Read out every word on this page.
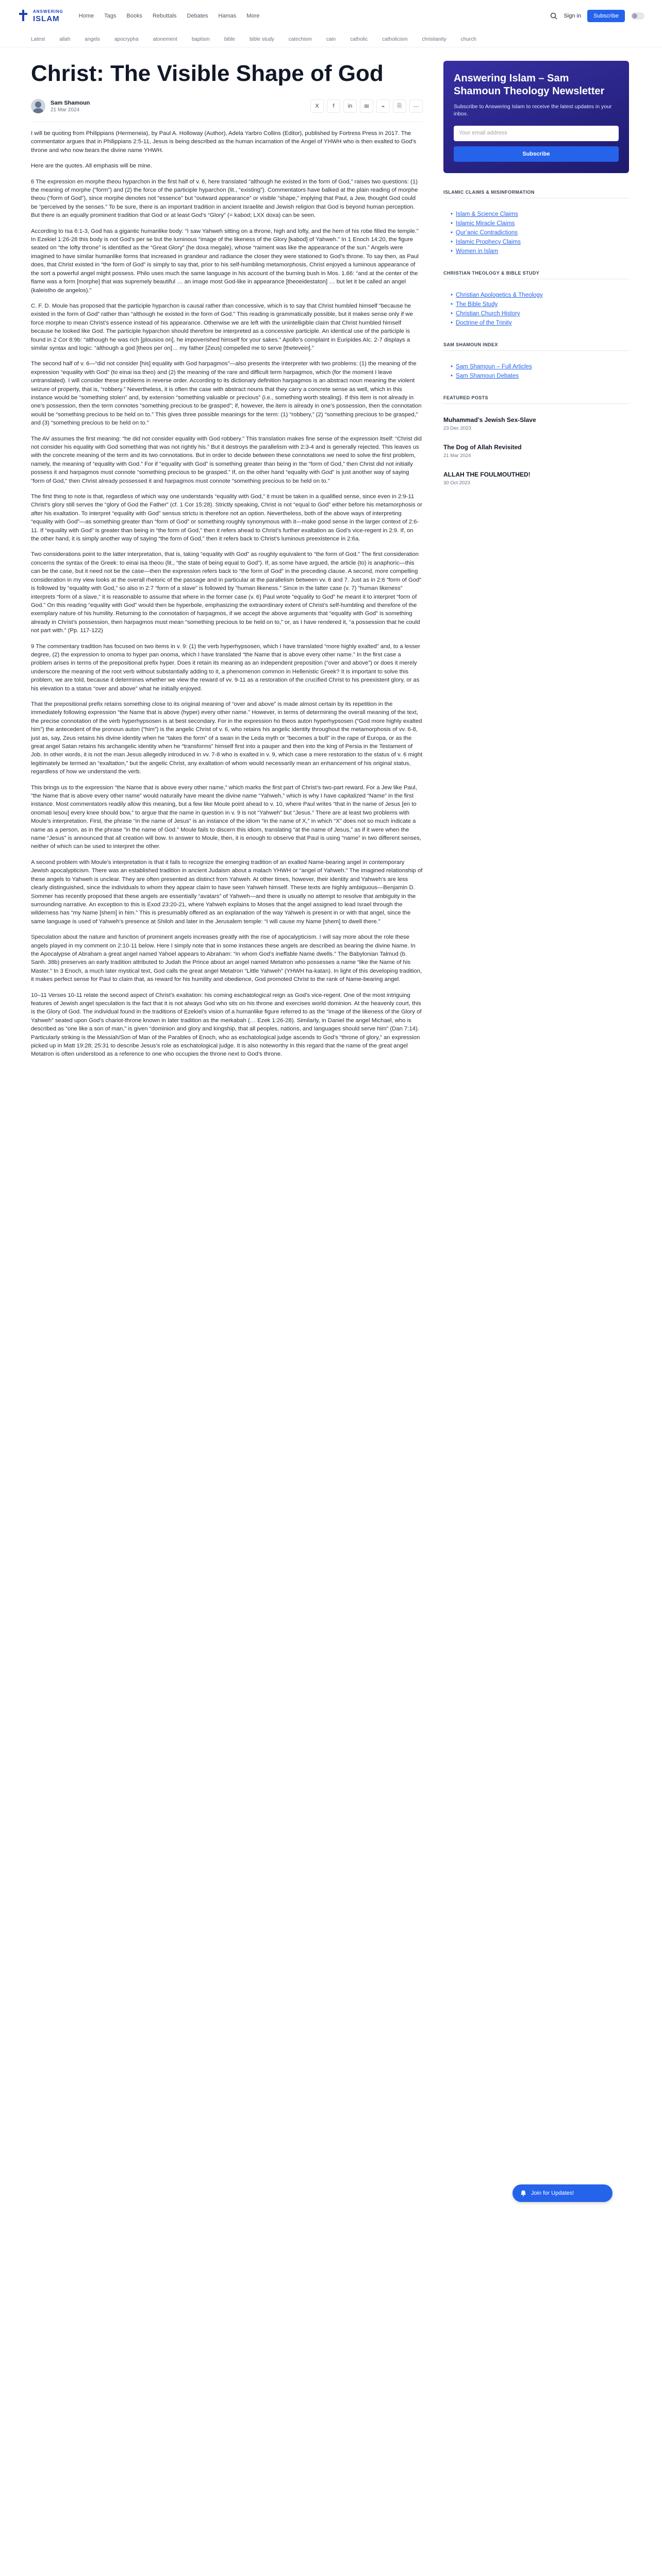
ANSWERING
ISLAM	Home Tags Books Rebuttals Debates Hamas More	Sign in	Subscribe
Latest	allah	angels	apocrypha	atonement	baptism	bible	bible study	catechism	cain	catholic	catholicism	christianity	church
Christ: The Visible Shape of God
Sam Shamoun
21 Mar 2024
X	f	in	✉	⌁	⎘	⋯

I will be quoting from Philippians (Hermeneia), by Paul A. Holloway (Author), Adela Yarbro Collins (Editor), published by Fortress Press in 2017. The commentator argues that in Philippians 2:5-11, Jesus is being described as the human incarnation of the Angel of YHWH who is then exalted to God’s throne and who now bears the divine name YHWH.

Here are the quotes. All emphasis will be mine.

6 The expression en morphe theou hyparchon in the first half of v. 6, here translated “although he existed in the form of God,” raises two questions: (1) the meaning of morphe (“form”) and (2) the force of the participle hyparchon (lit., “existing”). Commentators have balked at the plain reading of morphe theou (“form of God”), since morphe denotes not “essence” but “outward appearance” or visible “shape,” implying that Paul, a Jew, thought God could be “perceived by the senses.” To be sure, there is an important tradition in ancient Israelite and Jewish religion that God is beyond human perception. But there is an equally prominent tradition that God or at least God’s “Glory” (= kabod; LXX doxa) can be seen.

According to Isa 6:1-3, God has a gigantic humanlike body: “I saw Yahweh sitting on a throne, high and lofty, and the hem of his robe filled the temple.” In Ezekiel 1:26-28 this body is not God’s per se but the luminous “image of the likeness of the Glory [kabod] of Yahweh.” In 1 Enoch 14:20, the figure seated on “the lofty throne” is identified as the “Great Glory” (he doxa megale), whose “raiment was like the appearance of the sun.” Angels were imagined to have similar humanlike forms that increased in grandeur and radiance the closer they were stationed to God’s throne. To say then, as Paul does, that Christ existed in “the form of God” is simply to say that, prior to his self-humbling metamorphosis, Christ enjoyed a luminous appearance of the sort a powerful angel might possess. Philo uses much the same language in his account of the burning bush in Mos. 1.66: “and at the center of the flame was a form [morphe] that was supremely beautiful … an image most God-like in appearance [theoeidestaton] … but let it be called an angel (kaleistho de angelos).”

C. F. D. Moule has proposed that the participle hyparchon is causal rather than concessive, which is to say that Christ humbled himself “because he existed in the form of God” rather than “although he existed in the form of God.” This reading is grammatically possible, but it makes sense only if we force morphe to mean Christ’s essence instead of his appearance. Otherwise we are left with the unintelligible claim that Christ humbled himself because he looked like God. The participle hyparchon should therefore be interpreted as a concessive participle. An identical use of the participle is found in 2 Cor 8:9b: “although he was rich [plousios on], he impoverished himself for your sakes.” Apollo’s complaint in Euripides Alc. 2-7 displays a similar syntax and logic: “although a god [theos per on]… my father [Zeus] compelled me to serve [thetevein].”

The second half of v. 6—“did not consider [his] equality with God harpagmos”—also presents the interpreter with two problems: (1) the meaning of the expression “equality with God” (to einai isa theo) and (2) the meaning of the rare and difficult term harpagmos, which (for the moment I leave untranslated). I will consider these problems in reverse order. According to its dictionary definition harpagmos is an abstract noun meaning the violent seizure of property, that is, “robbery.” Nevertheless, it is often the case with abstract nouns that they carry a concrete sense as well, which in this instance would be “something stolen” and, by extension “something valuable or precious” (i.e., something worth stealing). If this item is not already in one’s possession, then the term connotes “something precious to be grasped”; if, however, the item is already in one’s possession, then the connotation would be “something precious to be held on to.” This gives three possible meanings for the term: (1) “robbery,” (2) “something precious to be grasped,” and (3) “something precious to be held on to.”

The AV assumes the first meaning: “he did not consider equality with God robbery.” This translation makes fine sense of the expression itself: “Christ did not consider his equality with God something that was not rightly his.” But it destroys the parallelism with 2:3-4 and is generally rejected. This leaves us with the concrete meaning of the term and its two connotations. But in order to decide between these connotations we need to solve the first problem, namely, the meaning of “equality with God.” For if “equality with God” is something greater than being in the “form of God,” then Christ did not initially possess it and harpagmos must connote “something precious to be grasped.” If, on the other hand “equality with God” is just another way of saying “form of God,” then Christ already possessed it and harpagmos must connote “something precious to be held on to.”

The first thing to note is that, regardless of which way one understands “equality with God,” it must be taken in a qualified sense, since even in 2:9-11 Christ’s glory still serves the “glory of God the Father” (cf. 1 Cor 15:28). Strictly speaking, Christ is not “equal to God” either before his metamorphosis or after his exaltation. To interpret “equality with God” sensus strictu is therefore not an option. Nevertheless, both of the above ways of interpreting “equality with God”—as something greater than “form of God” or something roughly synonymous with it—make good sense in the larger context of 2:6-11. If “equality with God” is greater than being in “the form of God,” then it refers ahead to Christ’s further exaltation as God’s vice-regent in 2:9. If, on the other hand, it is simply another way of saying “the form of God,” then it refers back to Christ’s luminous preexistence in 2:6a.

Two considerations point to the latter interpretation, that is, taking “equality with God” as roughly equivalent to “the form of God.” The first consideration concerns the syntax of the Greek: to einai isa theou (lit., “the state of being equal to God”). If, as some have argued, the article (to) is anaphoric—this can be the case, but it need not be the case—then the expression refers back to “the form of God” in the preceding clause. A second, more compelling consideration in my view looks at the overall rhetoric of the passage and in particular at the parallelism between vv. 6 and 7. Just as in 2:6 “form of God” is followed by “equality with God,” so also in 2:7 “form of a slave” is followed by “human likeness.” Since in the latter case (v. 7) “human likeness” interprets “form of a slave,” it is reasonable to assume that where in the former case (v. 6) Paul wrote “equality to God” he meant it to interpret “form of God.” On this reading “equality with God” would then be hyperbole, emphasizing the extraordinary extent of Christ’s self-humbling and therefore of the exemplary nature of his humility. Returning to the connotation of harpagmos, if we accept the above arguments that “equality with God” is something already in Christ’s possession, then harpagmos must mean “something precious to be held on to,” or, as I have rendered it, “a possession that he could not part with.” (Pp. 117-122)

9 The commentary tradition has focused on two items in v. 9: (1) the verb hyperhypsosen, which I have translated “more highly exalted” and, to a lesser degree, (2) the expression to onoma to hyper pan onoma, which I have translated “the Name that is above every other name.” In the first case a problem arises in terms of the prepositional prefix hyper. Does it retain its meaning as an independent preposition (“over and above”) or does it merely underscore the meaning of the root verb without substantially adding to it, a phenomenon common in Hellenistic Greek? It is important to solve this problem, we are told, because it determines whether we view the reward of vv. 9-11 as a restoration of the crucified Christ to his preexistent glory, or as his elevation to a status “over and above” what he initially enjoyed.

That the prepositional prefix retains something close to its original meaning of “over and above” is made almost certain by its repetition in the immediately following expression “the Name that is above (hyper) every other name.” However, in terms of determining the overall meaning of the text, the precise connotation of the verb hyperhypsosen is at best secondary. For in the expression ho theos auton hyperhypsosen (“God more highly exalted him”) the antecedent of the pronoun auton (“him”) is the angelic Christ of v. 6, who retains his angelic identity throughout the metamorphosis of vv. 6-8, just as, say, Zeus retains his divine identity when he “takes the form” of a swan in the Leda myth or “becomes a bull” in the rape of Europa, or as the great angel Satan retains his archangelic identity when he “transforms” himself first into a pauper and then into the king of Persia in the Testament of Job. In other words, it is not the man Jesus allegedly introduced in vv. 7-8 who is exalted in v. 9, which case a mere restoration to the status of v. 6 might legitimately be termed an “exaltation,” but the angelic Christ, any exaltation of whom would necessarily mean an enhancement of his original status, regardless of how we understand the verb.

This brings us to the expression “the Name that is above every other name,” which marks the first part of Christ’s two-part reward. For a Jew like Paul, “the Name that is above every other name” would naturally have meant the divine name “Yahweh,” which is why I have capitalized “Name” in the first instance. Most commentators readily allow this meaning, but a few like Moule point ahead to v. 10, where Paul writes “that in the name of Jesus [en to onomati Iesou] every knee should bow,” to argue that the name in question in v. 9 is not “Yahweh” but “Jesus.” There are at least two problems with Moule’s interpretation. First, the phrase “in the name of Jesus” is an instance of the idiom “in the name of X,” in which “X” does not so much indicate a name as a person, as in the phrase “in the name of God.” Moule fails to discern this idiom, translating “at the name of Jesus,” as if it were when the name “Jesus” is announced that all creation will bow. In answer to Moule, then, it is enough to observe that Paul is using “name” in two different senses, neither of which can be used to interpret the other.

A second problem with Moule’s interpretation is that it fails to recognize the emerging tradition of an exalted Name-bearing angel in contemporary Jewish apocalypticism. There was an established tradition in ancient Judaism about a malach YHWH or “angel of Yahweh.” The imagined relationship of these angels to Yahweh is unclear. They are often presented as distinct from Yahweh. At other times, however, their identity and Yahweh’s are less clearly distinguished, since the individuals to whom they appear claim to have seen Yahweh himself. These texts are highly ambiguous—Benjamin D. Sommer has recently proposed that these angels are essentially “avatars” of Yahweh—and there is usually no attempt to resolve that ambiguity in the surrounding narrative. An exception to this is Exod 23:20-21, where Yahweh explains to Moses that the angel assigned to lead Israel through the wilderness has “my Name [shem] in him.” This is presumably offered as an explanation of the way Yahweh is present in or with that angel, since the same language is used of Yahweh’s presence at Shiloh and later in the Jerusalem temple: “I will cause my Name [shem] to dwell there.”

Speculation about the nature and function of prominent angels increases greatly with the rise of apocalypticism. I will say more about the role these angels played in my comment on 2:10-11 below. Here I simply note that in some instances these angels are described as bearing the divine Name. In the Apocalypse of Abraham a great angel named Yahoel appears to Abraham: “In whom God’s ineffable Name dwells.” The Babylonian Talmud (b. Sanh. 38b) preserves an early tradition attributed to Judah the Prince about an angel named Metatron who possesses a name “like the Name of his Master.” In 3 Enoch, a much later mystical text, God calls the great angel Metatron “Little Yahweh” (YHWH ha-katan). In light of this developing tradition, it makes perfect sense for Paul to claim that, as reward for his humility and obedience, God promoted Christ to the rank of Name-bearing angel.

10–11 Verses 10-11 relate the second aspect of Christ’s exaltation: his coming eschatological reign as God’s vice-regent. One of the most intriguing features of Jewish angel speculation is the fact that it is not always God who sits on his throne and exercises world dominion. At the heavenly court, this is the Glory of God. The individual found in the traditions of Ezekiel’s vision of a humanlike figure referred to as the “image of the likeness of the Glory of Yahweh” seated upon God’s chariot-throne known in later tradition as the merkabah (… Ezek 1:26-28). Similarly, in Daniel the angel Michael, who is described as “one like a son of man,” is given “dominion and glory and kingship, that all peoples, nations, and languages should serve him” (Dan 7:14). Particularly striking is the Messiah/Son of Man of the Parables of Enoch, who as eschatological judge ascends to God’s “throne of glory,” an expression picked up in Matt 19:28; 25:31 to describe Jesus’s role as eschatological judge. It is also noteworthy in this regard that the name of the great angel Metatron is often understood as a reference to one who occupies the throne next to God’s throne.

Answering Islam – Sam Shamoun Theology Newsletter
Subscribe to Answering Islam to receive the latest updates in your inbox.
Your email address
Subscribe
ISLAMIC CLAIMS & MISINFORMATION
• Islam & Science Claims
• Islamic Miracle Claims
• Qur’anic Contradictions
• Islamic Prophecy Claims
• Women in Islam
CHRISTIAN THEOLOGY & BIBLE STUDY
• Christian Apologetics & Theology
• The Bible Study
• Christian Church History
• Doctrine of the Trinity
SAM SHAMOUN INDEX
• Sam Shamoun – Full Articles
• Sam Shamoun Debates
FEATURED POSTS
Muhammad’s Jewish Sex-Slave
23 Dec 2023
The Dog of Allah Revisited
21 Mar 2024
ALLAH THE FOULMOUTHED!
30 Oct 2023
Join for Updates!
